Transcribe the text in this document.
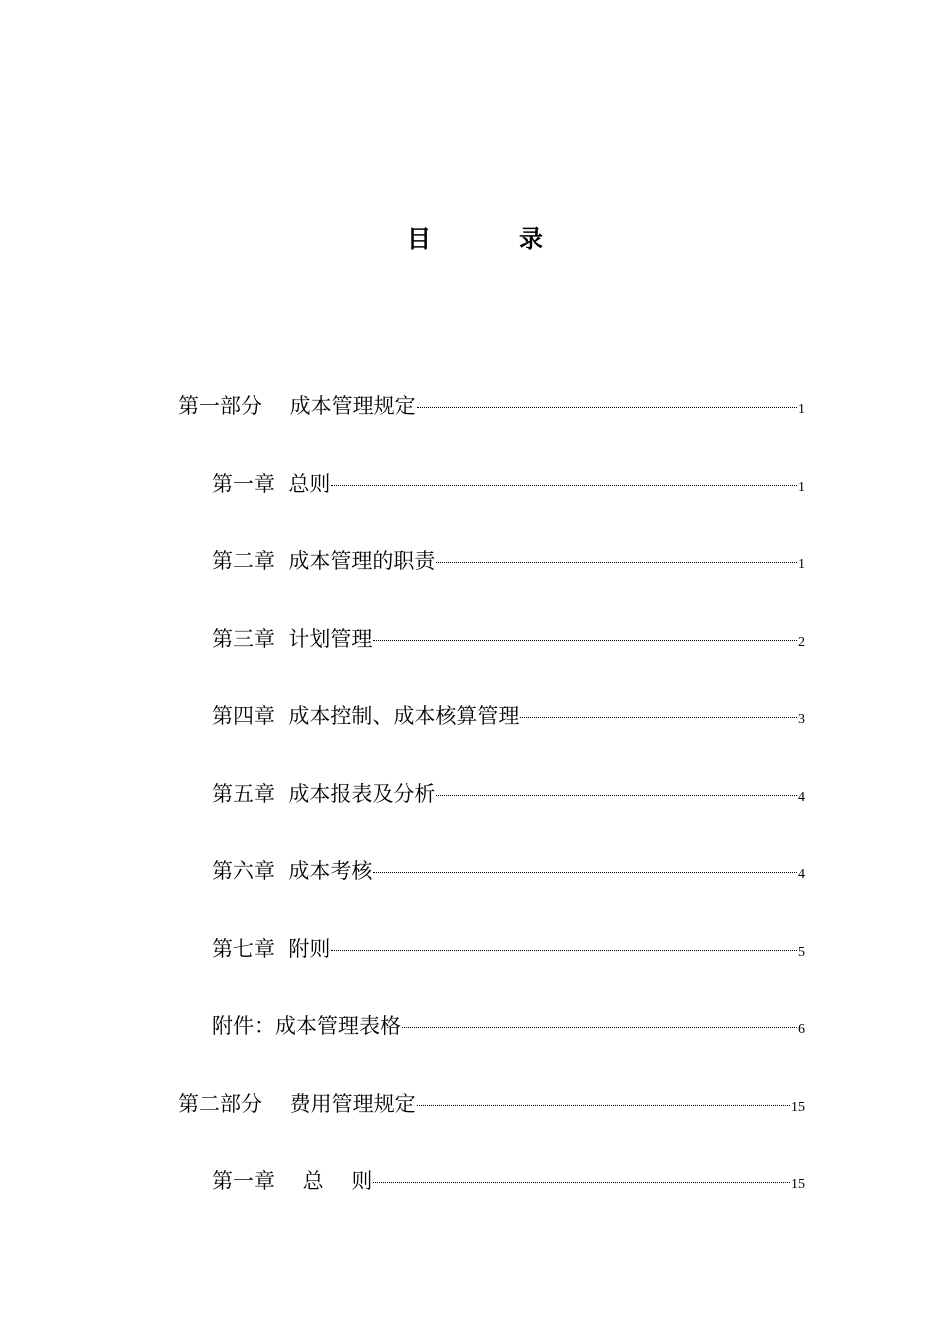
目　录
第一部分　 成本管理规定	1
第一章  总则	1
第二章  成本管理的职责	1
第三章  计划管理	2
第四章  成本控制、成本核算管理	3
第五章  成本报表及分析	4
第六章  成本考核	4
第七章  附则	5
附件：成本管理表格	6
第二部分　 费用管理规定	15
第一章　 总　 则	15
